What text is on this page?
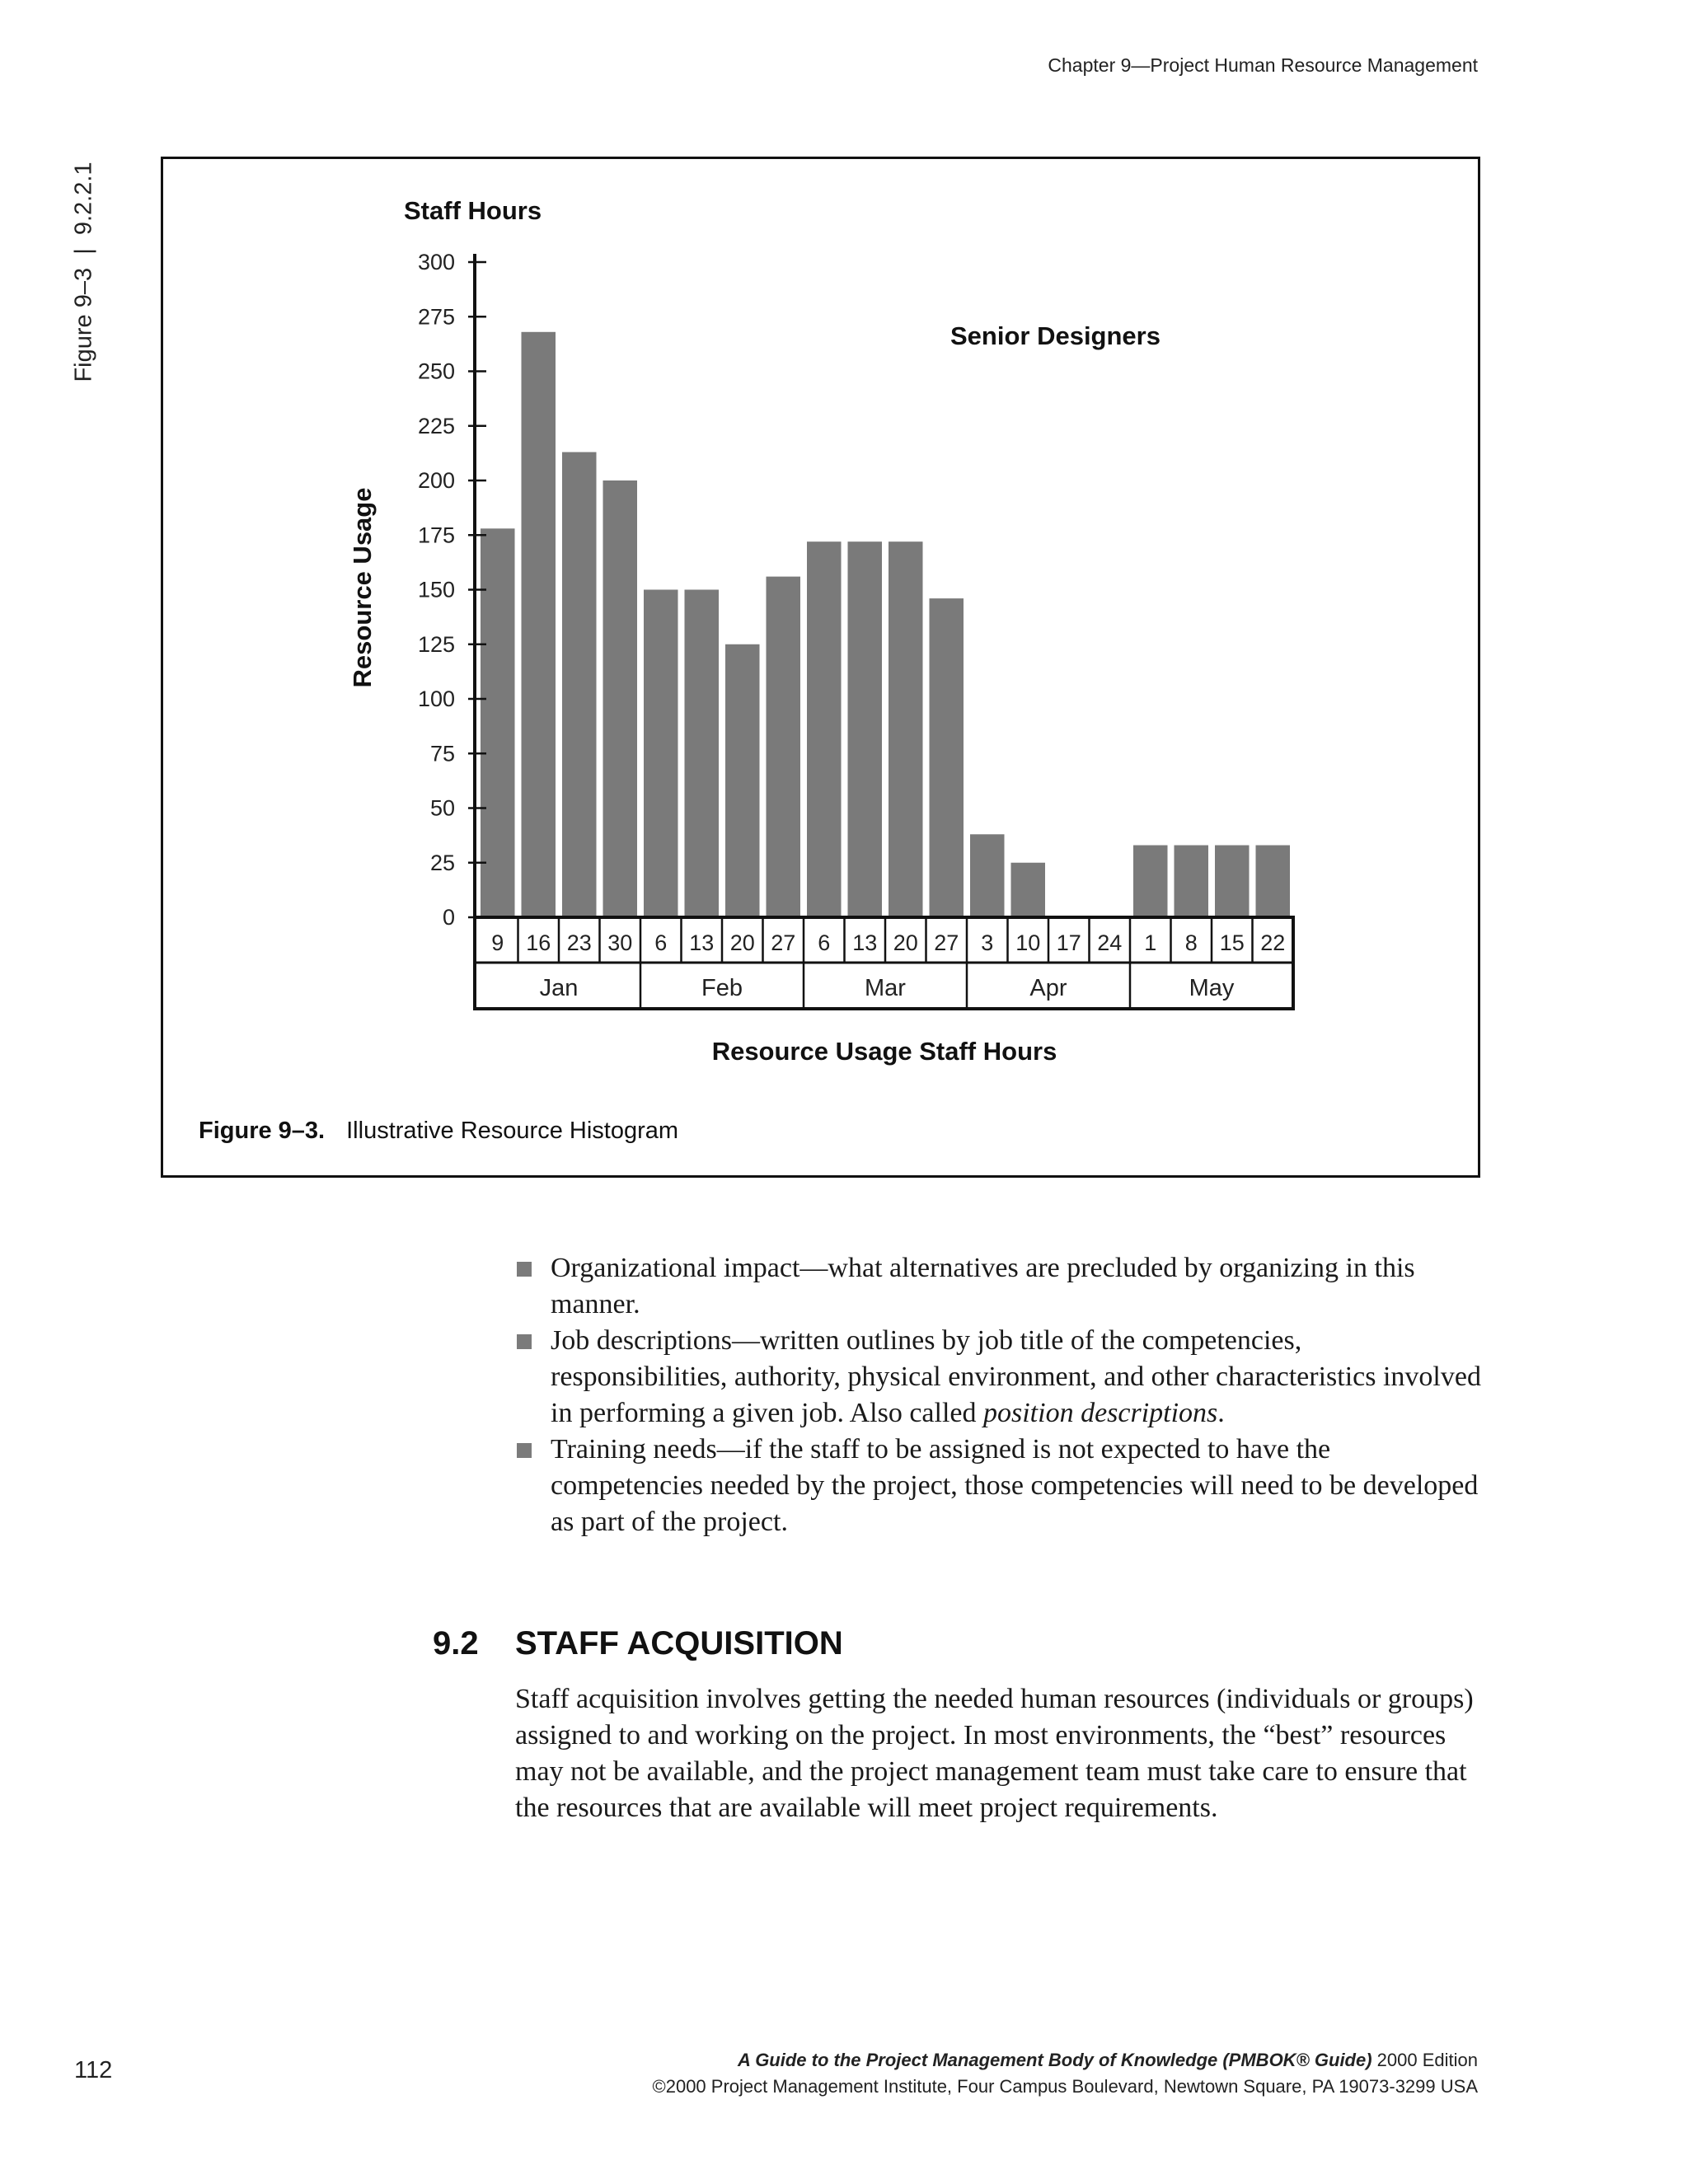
Chapter 9—Project Human Resource Management
Figure 9–3  |  9.2.2.1
0
25
50
75
100
125
150
175
200
225
250
275
300
9 16 23 30 6 13 20 27 6 13 20 27 3 10 17 24 1 8 15 22
Jan	Feb	Mar	Apr	May
Staff Hours
Senior Designers
Resource Usage
Resource Usage Staff Hours
Figure 9–3. Illustrative Resource Histogram
Organizational impact—what alternatives are precluded by organizing in this manner.
Job descriptions—written outlines by job title of the competencies, responsibilities, authority, physical environment, and other characteristics involved in performing a given job. Also called position descriptions.
Training needs—if the staff to be assigned is not expected to have the competencies needed by the project, those competencies will need to be developed as part of the project.
9.2 STAFF ACQUISITION

Staff acquisition involves getting the needed human resources (individuals or groups) assigned to and working on the project. In most environments, the “best” resources may not be available, and the project management team must take care to ensure that the resources that are available will meet project requirements.

112	A Guide to the Project Management Body of Knowledge (PMBOK® Guide) 2000 Edition
©2000 Project Management Institute, Four Campus Boulevard, Newtown Square, PA 19073-3299 USA
